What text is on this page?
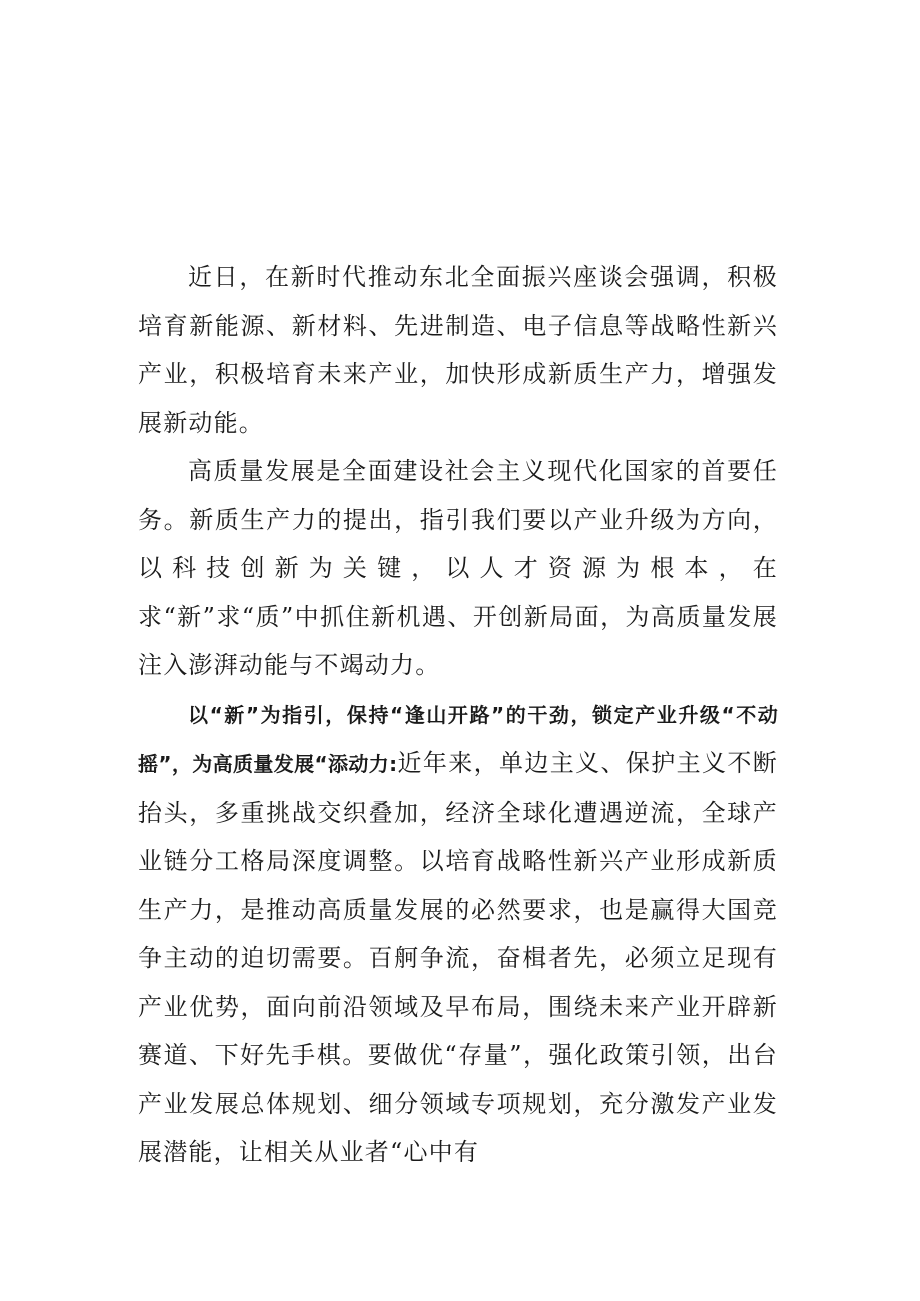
近日，在新时代推动东北全面振兴座谈会强调，积极培育新能源、新材料、先进制造、电子信息等战略性新兴产业，积极培育未来产业，加快形成新质生产力，增强发展新动能。

高质量发展是全面建设社会主义现代化国家的首要任务。新质生产力的提出，指引我们要以产业升级为方向，以科技创新为关键，以人才资源为根本，在求“新”求“质”中抓住新机遇、开创新局面，为高质量发展注入澎湃动能与不竭动力。

以“新”为指引，保持“逢山开路”的干劲，锁定产业升级“不动摇”，为高质量发展“添动力:近年来，单边主义、保护主义不断抬头，多重挑战交织叠加，经济全球化遭遇逆流，全球产业链分工格局深度调整。以培育战略性新兴产业形成新质生产力，是推动高质量发展的必然要求，也是赢得大国竞争主动的迫切需要。百舸争流，奋楫者先，必须立足现有产业优势，面向前沿领域及早布局，围绕未来产业开辟新赛道、下好先手棋。要做优“存量”，强化政策引领，出台产业发展总体规划、细分领域专项规划，充分激发产业发展潜能，让相关从业者“心中有
